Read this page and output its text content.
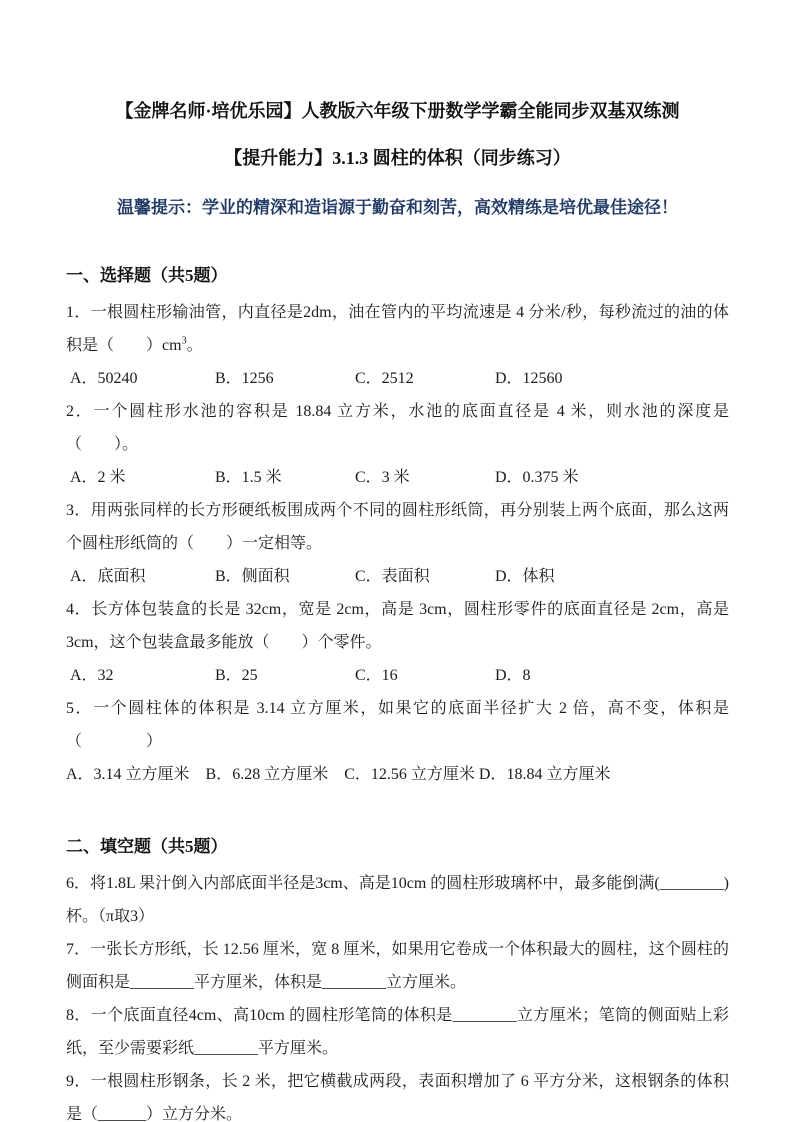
【金牌名师·培优乐园】人教版六年级下册数学学霸全能同步双基双练测
【提升能力】3.1.3 圆柱的体积（同步练习）

温馨提示：学业的精深和造诣源于勤奋和刻苦，高效精练是培优最佳途径！

一、选择题（共5题）

1．一根圆柱形输油管，内直径是2dm，油在管内的平均流速是 4 分米/秒，每秒流过的油的体积是（　　）$cm^3$。

A．50240	B．1256	C．2512	D．12560

2．一个圆柱形水池的容积是 18.84 立方米，水池的底面直径是 4 米，则水池的深度是（　　）。

A．2 米	B．1.5 米	C．3 米	D．0.375 米

3．用两张同样的长方形硬纸板围成两个不同的圆柱形纸筒，再分别装上两个底面，那么这两个圆柱形纸筒的（　　）一定相等。

A．底面积	B．侧面积	C．表面积	D．体积

4．长方体包装盒的长是 32cm，宽是 2cm，高是 3cm，圆柱形零件的底面直径是 2cm，高是 3cm，这个包装盒最多能放（　　）个零件。

A．32	B．25	C．16	D．8

5．一个圆柱体的体积是 3.14 立方厘米，如果它的底面半径扩大 2 倍，高不变，体积是（　　　　）

A．3.14 立方厘米　B．6.28 立方厘米　C．12.56 立方厘米 D．18.84 立方厘米

二、填空题（共5题）

6．将1.8L 果汁倒入内部底面半径是3cm、高是10cm 的圆柱形玻璃杯中，最多能倒满(________)杯。（π取3）

7．一张长方形纸，长 12.56 厘米，宽 8 厘米，如果用它卷成一个体积最大的圆柱，这个圆柱的侧面积是________平方厘米，体积是________立方厘米。

8．一个底面直径4cm、高10cm 的圆柱形笔筒的体积是________立方厘米；笔筒的侧面贴上彩纸，至少需要彩纸________平方厘米。

9．一根圆柱形钢条，长 2 米，把它横截成两段，表面积增加了 6 平方分米，这根钢条的体积是（______）立方分米。
